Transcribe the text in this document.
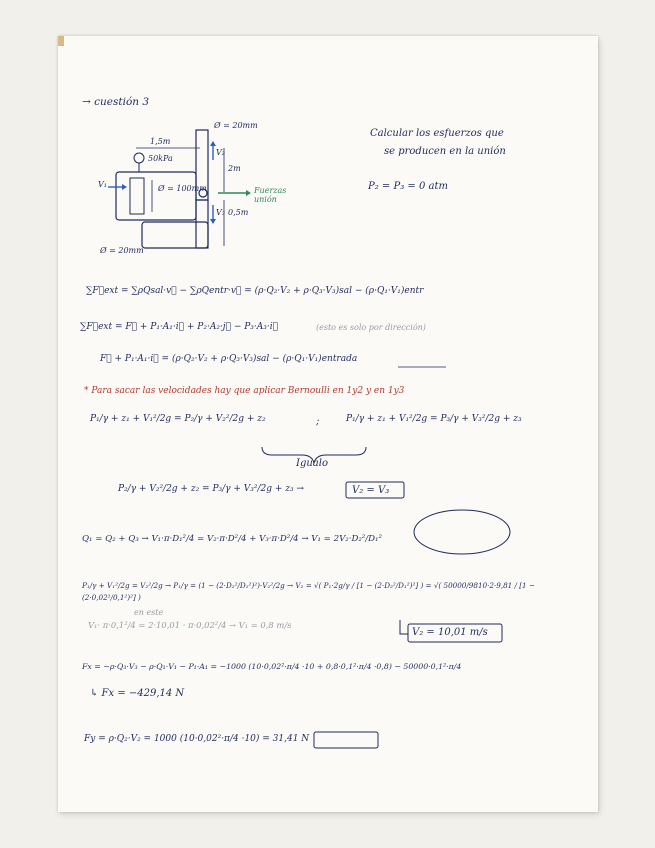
→ cuestión 3
1,5m
Ø = 20mm
50kPa
Ø = 100mm
V₂
2m
V₁
V₃ 0,5m
Fuerzas unión
Ø = 20mm
Calcular los esfuerzos que
se producen en la unión
P₂ = P₃ = 0 atm
∑F⃗ext = ∑ρQsal·v⃗ − ∑ρQentr·v⃗ = (ρ·Q₂·V₂ + ρ·Q₃·V₃)sal − (ρ·Q₁·V₁)entr
∑F⃗ext = F⃗ + P₁·A₁·i⃗ + P₂·A₂·j⃗ − P₃·A₃·i⃗	(esto es solo por dirección)
F⃗ + P₁·A₁·i⃗ = (ρ·Q₂·V₂ + ρ·Q₃·V₃)sal − (ρ·Q₁·V₁)entrada
* Para sacar las velocidades hay que aplicar Bernoulli en 1y2 y en 1y3
P₁/γ + z₁ + V₁²/2g = P₂/γ + V₂²/2g + z₂	;	P₁/γ + z₁ + V₁²/2g = P₃/γ + V₃²/2g + z₃
Igualo
P₂/γ + V₂²/2g + z₂ = P₃/γ + V₃²/2g + z₃ →	V₂ = V₃
Q₁ = Q₂ + Q₃ → V₁·π·D₁²/4 = V₂·π·D²/4 + V₃·π·D²/4 → V₁ = 2V₂·D₂²/D₁²
P₁/γ + V₁²/2g = V₂²/2g → P₁/γ = (1 − (2·D₂²/D₁²)²)·V₂²/2g → V₂ = √( P₁·2g/γ / [1 − (2·D₂²/D₁²)²] ) = √( 50000/9810·2·9,81 / [1 − (2·0,02²/0,1²)²] )
en este
V₁· π·0,1²/4 = 2·10,01 · π·0,02²/4 → V₁ = 0,8 m/s
V₂ = 10,01 m/s
Fx = −ρ·Q₃·V₃ − ρ·Q₁·V₁ − P₁·A₁ = −1000 (10·0,02²·π/4 ·10 + 0,8·0,1²·π/4 ·0,8) − 50000·0,1²·π/4
↳ Fx = −429,14 N
Fy = ρ·Q₂·V₂ = 1000 (10·0,02²·π/4 ·10) = 31,41 N
